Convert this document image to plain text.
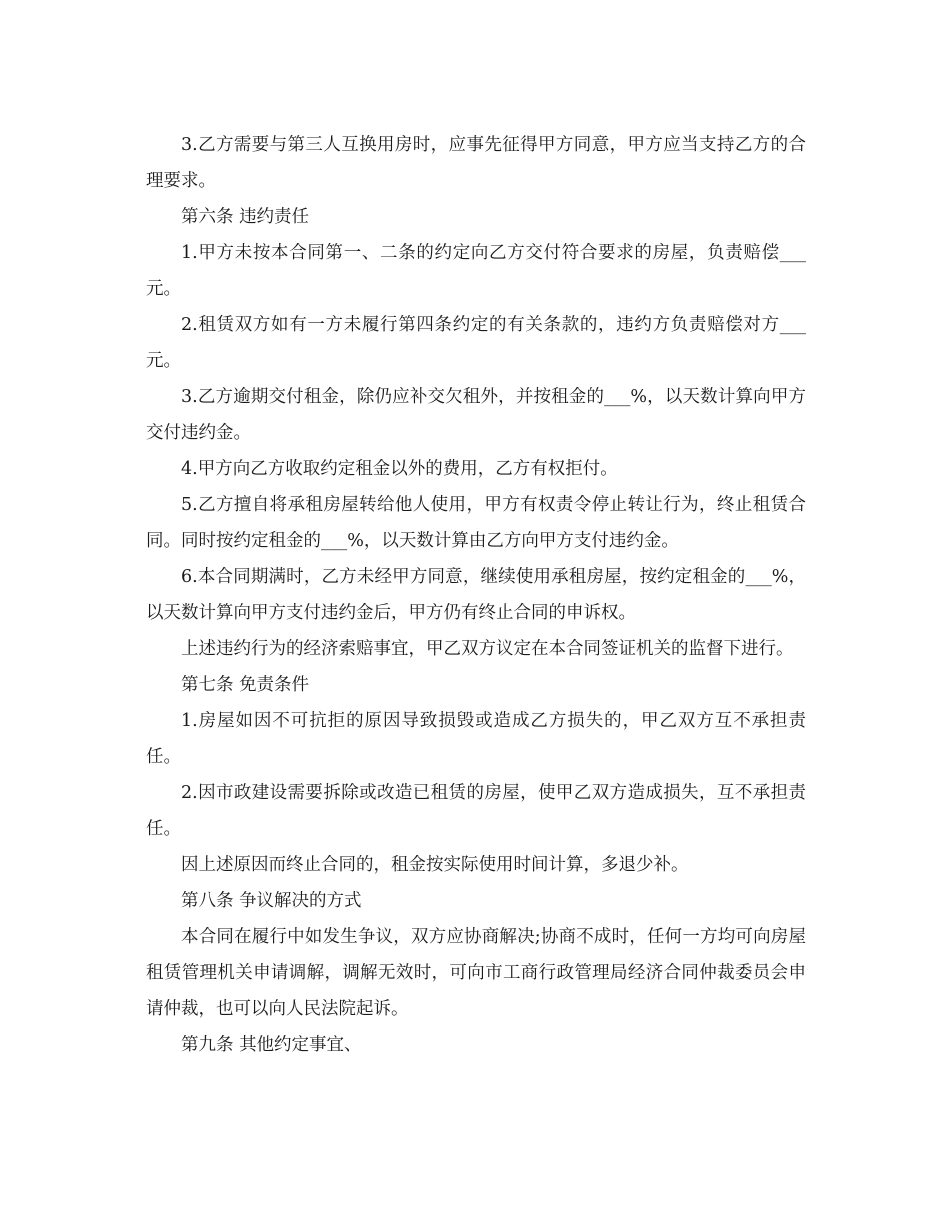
3.乙方需要与第三人互换用房时，应事先征得甲方同意，甲方应当支持乙方的合理要求。

第六条 违约责任

1.甲方未按本合同第一、二条的约定向乙方交付符合要求的房屋，负责赔偿___元。

2.租赁双方如有一方未履行第四条约定的有关条款的，违约方负责赔偿对方___元。

3.乙方逾期交付租金，除仍应补交欠租外，并按租金的___%，以天数计算向甲方交付违约金。

4.甲方向乙方收取约定租金以外的费用，乙方有权拒付。

5.乙方擅自将承租房屋转给他人使用，甲方有权责令停止转让行为，终止租赁合同。同时按约定租金的___%，以天数计算由乙方向甲方支付违约金。

6.本合同期满时，乙方未经甲方同意，继续使用承租房屋，按约定租金的___%，以天数计算向甲方支付违约金后，甲方仍有终止合同的申诉权。

上述违约行为的经济索赔事宜，甲乙双方议定在本合同签证机关的监督下进行。

第七条 免责条件

1.房屋如因不可抗拒的原因导致损毁或造成乙方损失的，甲乙双方互不承担责任。

2.因市政建设需要拆除或改造已租赁的房屋，使甲乙双方造成损失，互不承担责任。

因上述原因而终止合同的，租金按实际使用时间计算，多退少补。

第八条 争议解决的方式

本合同在履行中如发生争议，双方应协商解决;协商不成时，任何一方均可向房屋租赁管理机关申请调解，调解无效时，可向市工商行政管理局经济合同仲裁委员会申请仲裁，也可以向人民法院起诉。

第九条 其他约定事宜、
